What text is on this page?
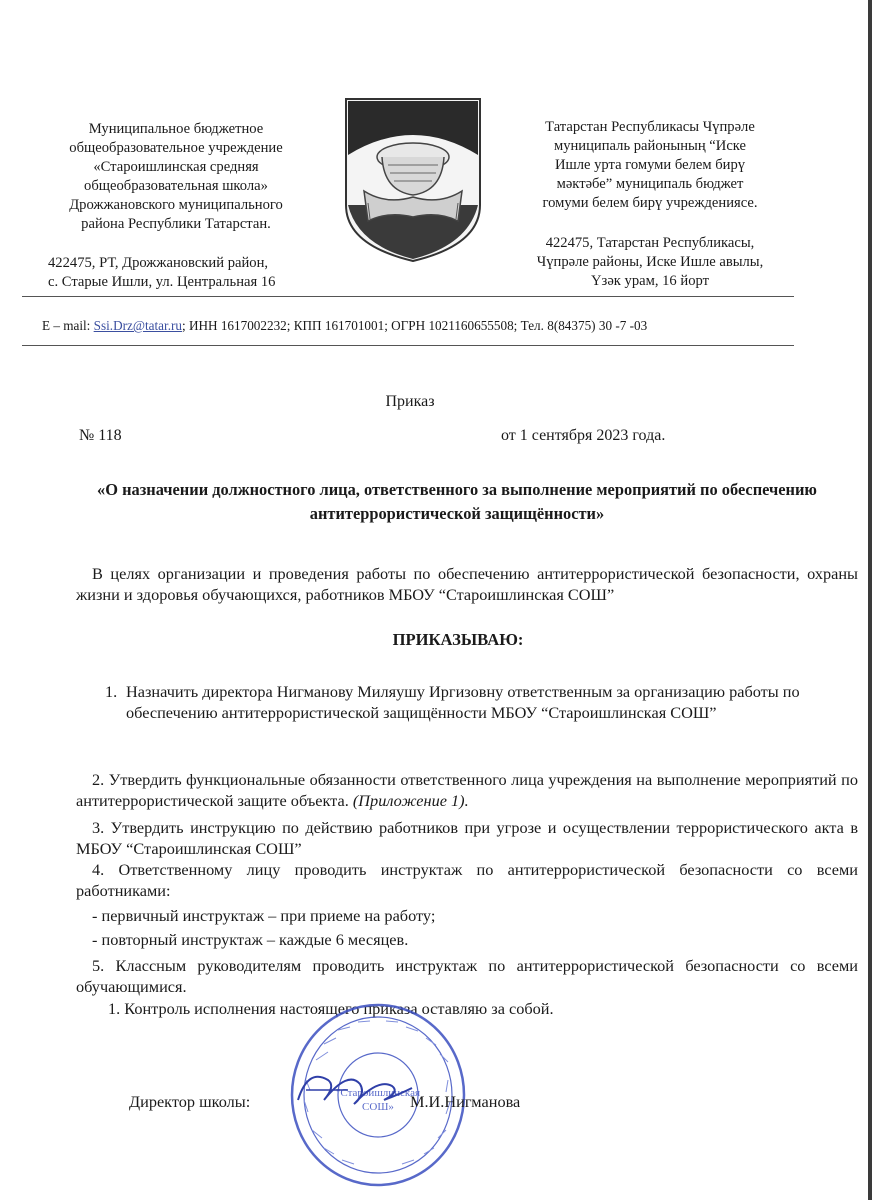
Муниципальное бюджетное
общеобразовательное учреждение
«Староишлинская средняя
общеобразовательная школа»
Дрожжановского муниципального
района Республики Татарстан.
422475, РТ, Дрожжановский район,
с. Старые Ишли, ул. Центральная 16
Татарстан Республикасы Чүпрәле
муниципаль районының “Иске
Ишле урта гомуми белем бирү
мәктәбе” муниципаль бюджет
гомуми белем бирү учреждениясе.
422475, Татарстан Республикасы,
Чүпрәле районы, Иске Ишле авылы,
Үзәк урам, 16 йорт
E – mail: Ssi.Drz@tatar.ru; ИНН 1617002232; КПП 161701001; ОГРН 1021160655508; Тел. 8(84375) 30 -7 -03
Приказ
№ 118	от 1 сентября 2023 года.
«О назначении должностного лица, ответственного за выполнение мероприятий по обеспечению антитеррористической защищённости»
В целях организации и проведения работы по обеспечению антитеррористической безопасности, охраны жизни и здоровья обучающихся, работников МБОУ “Староишлинская СОШ”
ПРИКАЗЫВАЮ:
1. Назначить директора Нигманову Миляушу Иргизовну ответственным за организацию работы по обеспечению антитеррористической защищённости МБОУ “Староишлинская СОШ”
2. Утвердить функциональные обязанности ответственного лица учреждения на выполнение мероприятий по антитеррористической защите объекта. (Приложение 1).
3. Утвердить инструкцию по действию работников при угрозе и осуществлении террористического акта в МБОУ “Староишлинская СОШ”
4. Ответственному лицу проводить инструктаж по антитеррористической безопасности со всеми работниками:
- первичный инструктаж – при приеме на работу;
- повторный инструктаж – каждые 6 месяцев.
5. Классным руководителям проводить инструктаж по антитеррористической безопасности со всеми обучающимися.
1. Контроль исполнения настоящего приказа оставляю за собой.
"Староишлинская
СОШ»
Директор школы:	М.И.Нигманова
